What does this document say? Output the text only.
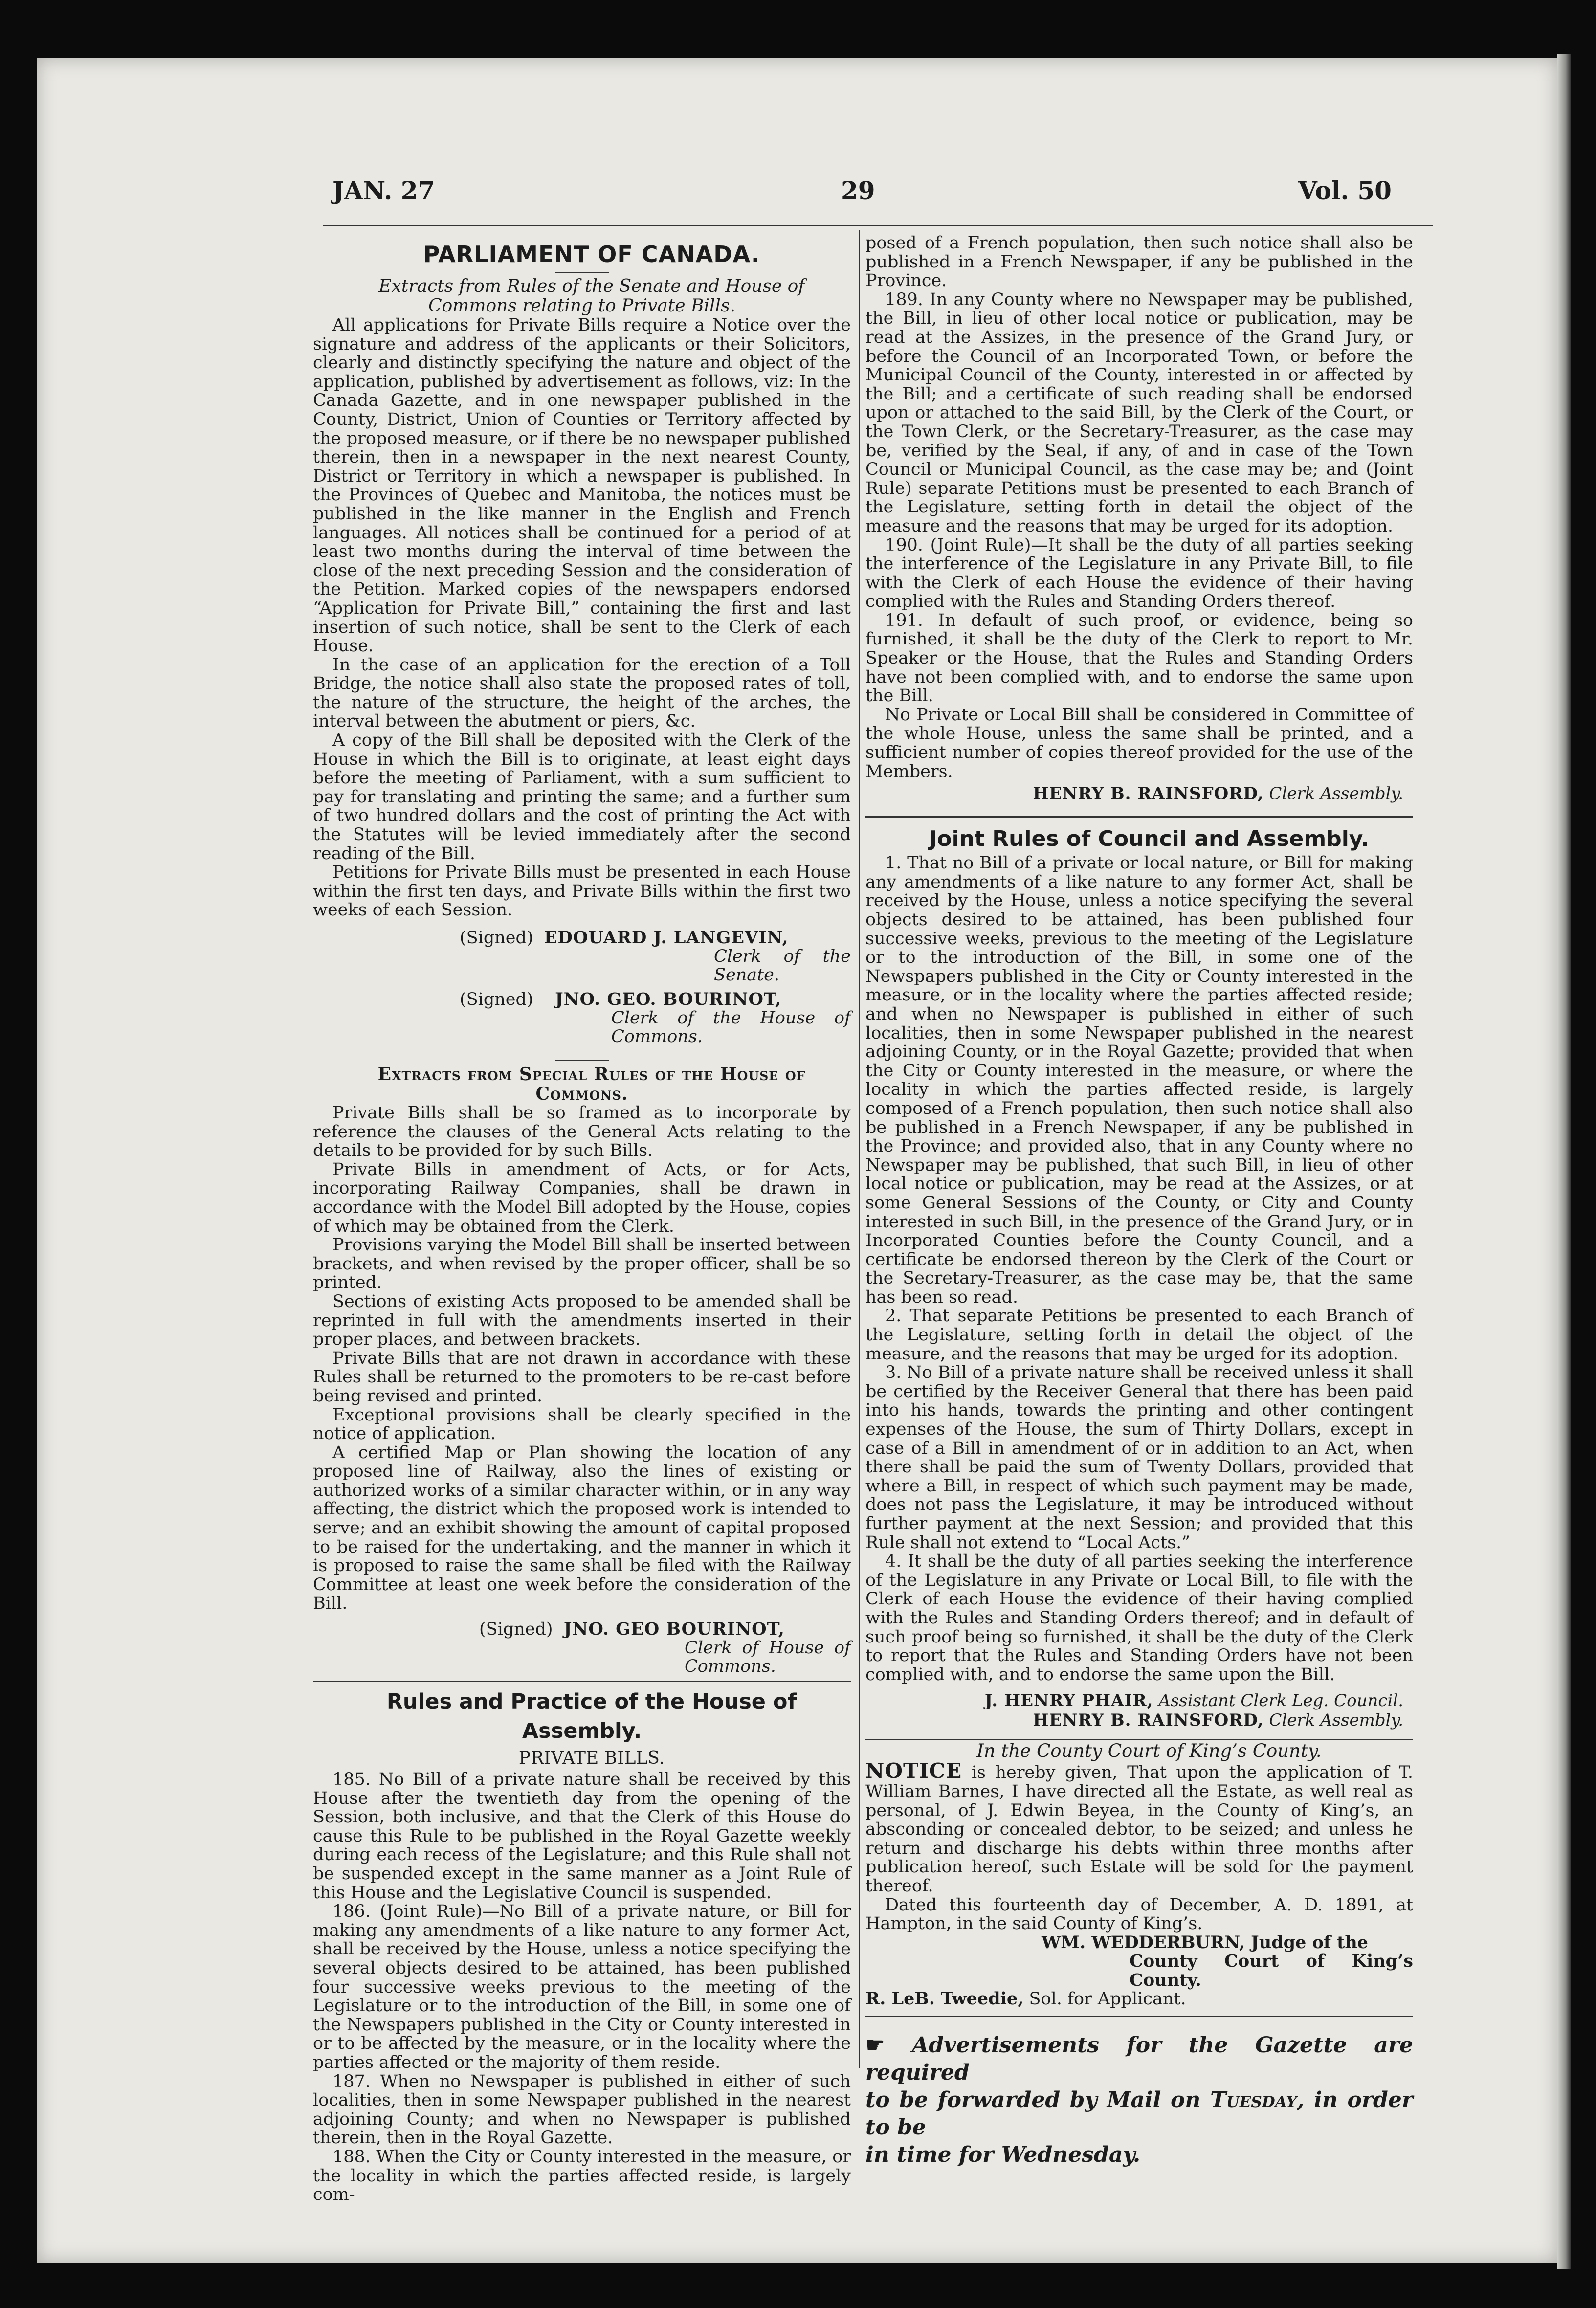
JAN. 27	29	Vol. 50

PARLIAMENT OF CANADA.

Extracts from Rules of the Senate and House of Commons relating to Private Bills.

All applications for Private Bills require a Notice over the signature and address of the applicants or their Solicitors, clearly and distinctly specifying the nature and object of the application, published by advertisement as follows, viz: In the Canada Gazette, and in one newspaper published in the County, District, Union of Counties or Territory affected by the proposed measure, or if there be no newspaper published therein, then in a newspaper in the next nearest County, District or Territory in which a newspaper is published. In the Provinces of Quebec and Manitoba, the notices must be published in the like manner in the English and French languages. All notices shall be continued for a period of at least two months during the interval of time between the close of the next preceding Session and the consideration of the Petition. Marked copies of the newspapers endorsed “Application for Private Bill,” containing the first and last insertion of such notice, shall be sent to the Clerk of each House.

In the case of an application for the erection of a Toll Bridge, the notice shall also state the proposed rates of toll, the nature of the structure, the height of the arches, the interval between the abutment or piers, &c.

A copy of the Bill shall be deposited with the Clerk of the House in which the Bill is to originate, at least eight days before the meeting of Parliament, with a sum sufficient to pay for translating and printing the same; and a further sum of two hundred dollars and the cost of printing the Act with the Statutes will be levied immediately after the second reading of the Bill.

Petitions for Private Bills must be presented in each House within the first ten days, and Private Bills within the first two weeks of each Session.

(Signed) EDOUARD J. LANGEVIN,
Clerk of the Senate.
(Signed) JNO. GEO. BOURINOT,
Clerk of the House of Commons.

Extracts from Special Rules of the House of Commons.

Private Bills shall be so framed as to incorporate by reference the clauses of the General Acts relating to the details to be provided for by such Bills.

Private Bills in amendment of Acts, or for Acts, incorporating Railway Companies, shall be drawn in accordance with the Model Bill adopted by the House, copies of which may be obtained from the Clerk.

Provisions varying the Model Bill shall be inserted between brackets, and when revised by the proper officer, shall be so printed.

Sections of existing Acts proposed to be amended shall be reprinted in full with the amendments inserted in their proper places, and between brackets.

Private Bills that are not drawn in accordance with these Rules shall be returned to the promoters to be re-cast before being revised and printed.

Exceptional provisions shall be clearly specified in the notice of application.

A certified Map or Plan showing the location of any proposed line of Railway, also the lines of existing or authorized works of a similar character within, or in any way affecting, the district which the proposed work is intended to serve; and an exhibit showing the amount of capital proposed to be raised for the undertaking, and the manner in which it is proposed to raise the same shall be filed with the Railway Committee at least one week before the consideration of the Bill.

(Signed) JNO. GEO BOURINOT,
Clerk of House of Commons.

Rules and Practice of the House of Assembly.

PRIVATE BILLS.

185. No Bill of a private nature shall be received by this House after the twentieth day from the opening of the Session, both inclusive, and that the Clerk of this House do cause this Rule to be published in the Royal Gazette weekly during each recess of the Legislature; and this Rule shall not be suspended except in the same manner as a Joint Rule of this House and the Legislative Council is suspended.

186. (Joint Rule)—No Bill of a private nature, or Bill for making any amendments of a like nature to any former Act, shall be received by the House, unless a notice specifying the several objects desired to be attained, has been published four successive weeks previous to the meeting of the Legislature or to the introduction of the Bill, in some one of the Newspapers published in the City or County interested in or to be affected by the measure, or in the locality where the parties affected or the majority of them reside.

187. When no Newspaper is published in either of such localities, then in some Newspaper published in the nearest adjoining County; and when no Newspaper is published therein, then in the Royal Gazette.

188. When the City or County interested in the measure, or the locality in which the parties affected reside, is largely com-

posed of a French population, then such notice shall also be published in a French Newspaper, if any be published in the Province.

189. In any County where no Newspaper may be published, the Bill, in lieu of other local notice or publication, may be read at the Assizes, in the presence of the Grand Jury, or before the Council of an Incorporated Town, or before the Municipal Council of the County, interested in or affected by the Bill; and a certificate of such reading shall be endorsed upon or attached to the said Bill, by the Clerk of the Court, or the Town Clerk, or the Secretary-Treasurer, as the case may be, verified by the Seal, if any, of and in case of the Town Council or Municipal Council, as the case may be; and (Joint Rule) separate Petitions must be presented to each Branch of the Legislature, setting forth in detail the object of the measure and the reasons that may be urged for its adoption.

190. (Joint Rule)—It shall be the duty of all parties seeking the interference of the Legislature in any Private Bill, to file with the Clerk of each House the evidence of their having complied with the Rules and Standing Orders thereof.

191. In default of such proof, or evidence, being so furnished, it shall be the duty of the Clerk to report to Mr. Speaker or the House, that the Rules and Standing Orders have not been complied with, and to endorse the same upon the Bill.

No Private or Local Bill shall be considered in Committee of the whole House, unless the same shall be printed, and a sufficient number of copies thereof provided for the use of the Members.

HENRY B. RAINSFORD, Clerk Assembly.

Joint Rules of Council and Assembly.

1. That no Bill of a private or local nature, or Bill for making any amendments of a like nature to any former Act, shall be received by the House, unless a notice specifying the several objects desired to be attained, has been published four successive weeks, previous to the meeting of the Legislature or to the introduction of the Bill, in some one of the Newspapers published in the City or County interested in the measure, or in the locality where the parties affected reside; and when no Newspaper is published in either of such localities, then in some Newspaper published in the nearest adjoining County, or in the Royal Gazette; provided that when the City or County interested in the measure, or where the locality in which the parties affected reside, is largely composed of a French population, then such notice shall also be published in a French Newspaper, if any be published in the Province; and provided also, that in any County where no Newspaper may be published, that such Bill, in lieu of other local notice or publication, may be read at the Assizes, or at some General Sessions of the County, or City and County interested in such Bill, in the presence of the Grand Jury, or in Incorporated Counties before the County Council, and a certificate be endorsed thereon by the Clerk of the Court or the Secretary-Treasurer, as the case may be, that the same has been so read.

2. That separate Petitions be presented to each Branch of the Legislature, setting forth in detail the object of the measure, and the reasons that may be urged for its adoption.

3. No Bill of a private nature shall be received unless it shall be certified by the Receiver General that there has been paid into his hands, towards the printing and other contingent expenses of the House, the sum of Thirty Dollars, except in case of a Bill in amendment of or in addition to an Act, when there shall be paid the sum of Twenty Dollars, provided that where a Bill, in respect of which such payment may be made, does not pass the Legislature, it may be introduced without further payment at the next Session; and provided that this Rule shall not extend to “Local Acts.”

4. It shall be the duty of all parties seeking the interference of the Legislature in any Private or Local Bill, to file with the Clerk of each House the evidence of their having complied with the Rules and Standing Orders thereof; and in default of such proof being so furnished, it shall be the duty of the Clerk to report that the Rules and Standing Orders have not been complied with, and to endorse the same upon the Bill.

J. HENRY PHAIR, Assistant Clerk Leg. Council.
HENRY B. RAINSFORD, Clerk Assembly.

In the County Court of King’s County.

NOTICE is hereby given, That upon the application of T. William Barnes, I have directed all the Estate, as well real as personal, of J. Edwin Beyea, in the County of King’s, an absconding or concealed debtor, to be seized; and unless he return and discharge his debts within three months after publication hereof, such Estate will be sold for the payment thereof.

Dated this fourteenth day of December, A. D. 1891, at Hampton, in the said County of King’s.

WM. WEDDERBURN, Judge of the
County Court of King’s County.
R. LeB. Tweedie, Sol. for Applicant.
☛ Advertisements for the Gazette are required
to be forwarded by Mail on Tuesday, in order to be
in time for Wednesday.
